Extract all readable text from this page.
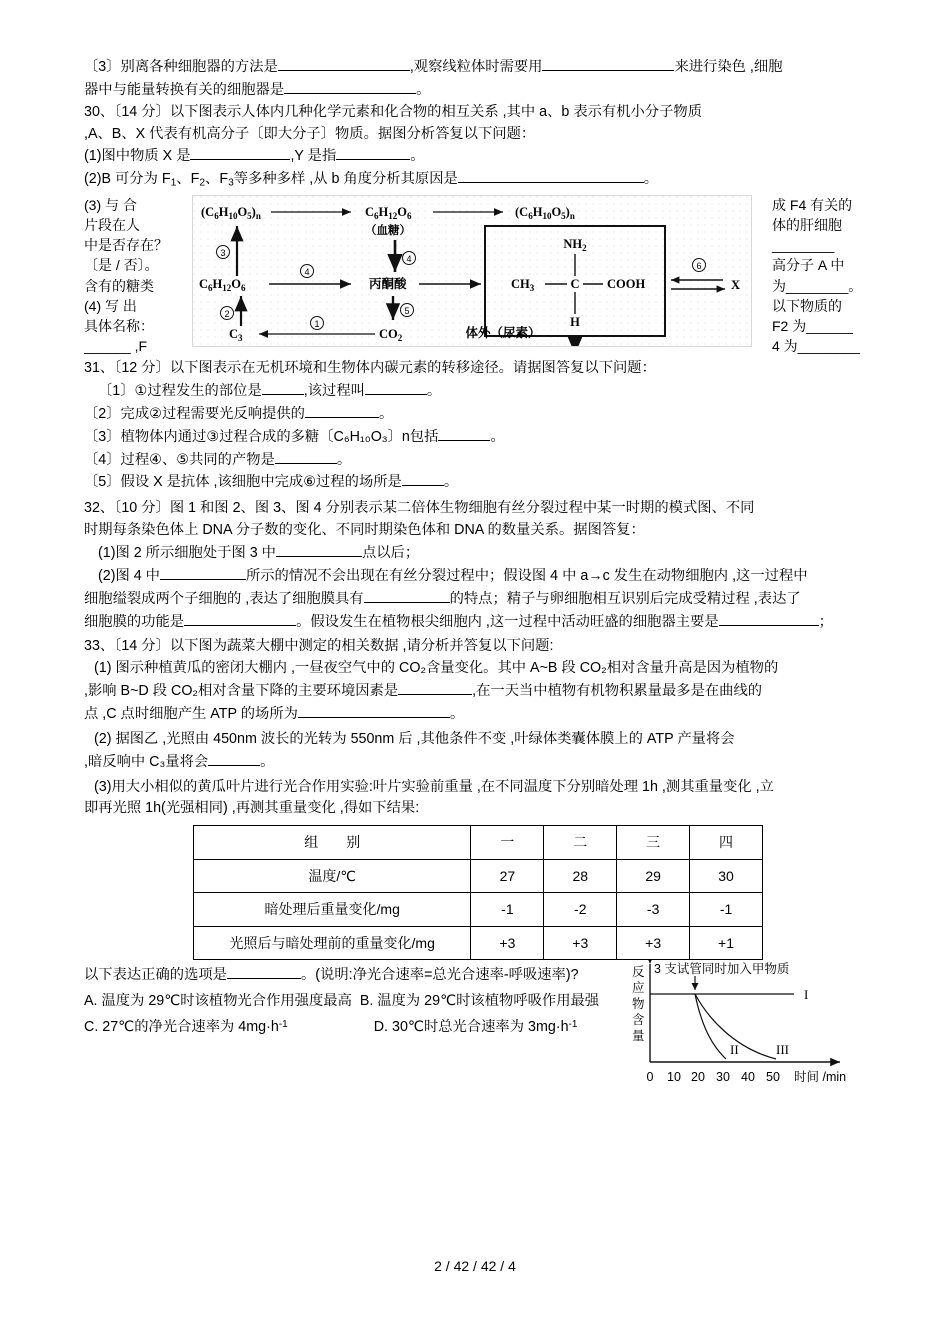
〔3〕别离各种细胞器的方法是	,观察线粒体时需要用	来进行染色 ,细胞

器中与能量转换有关的细胞器是	。

30、〔14 分〕以下图表示人体内几种化学元素和化合物的相互关系 ,其中 a、b 表示有机小分子物质

,A、B、X 代表有机高分子〔即大分子〕物质。据图分析答复以下问题：

(1)图中物质 X 是	,Y 是指	。

(2)B 可分为 $F_1$、$F_2$、$F_3$等多种多样 ,从 b 角度分析其原因是	。

(3) 与 合
片段在人
中是否存在？
〔是 / 否〕。
含有的糖类
(4) 写 出
具体名称：
______ ,F
成 F4 有关的
体的肝细胞
________
高分子 A 中
为________。
以下物质的
F2 为______
4 为________
$(C_6H_{10}O_5)_n$	$C_6H_{12}O_6$
（血糖）
$(C_6H_{10}O_5)_n$
3
$C_6H_{12}O_6$
4
丙酮酸
4
5
$CO_2$
1
$C_3$
2
$NH_2$
$CH_3$	C COOH
H
6
X
体外（尿素）

31、〔12 分〕以下图表示在无机环境和生物体内碳元素的转移途径。请据图答复以下问题：

〔1〕①过程发生的部位是	,该过程叫	。

〔2〕完成②过程需要光反响提供的	。

〔3〕植物体内通过③过程合成的多糖〔C₆H₁₀O₃〕n包括	。

〔4〕过程④、⑤共同的产物是	。

〔5〕假设 X 是抗体 ,该细胞中完成⑥过程的场所是	。

32、〔10 分〕图 1 和图 2、图 3、图 4 分别表示某二倍体生物细胞有丝分裂过程中某一时期的模式图、不同

时期每条染色体上 DNA 分子数的变化、不同时期染色体和 DNA 的数量关系。据图答复：

(1)图 2 所示细胞处于图 3 中	点以后；

(2)图 4 中	所示的情况不会出现在有丝分裂过程中；假设图 4 中 a→c 发生在动物细胞内 ,这一过程中

细胞缢裂成两个子细胞的 ,表达了细胞膜具有	的特点；精子与卵细胞相互识别后完成受精过程 ,表达了

细胞膜的功能是	。假设发生在植物根尖细胞内 ,这一过程中活动旺盛的细胞器主要是	；

33、〔14 分〕以下图为蔬菜大棚中测定的相关数据 ,请分析并答复以下问题:

(1) 图示种植黄瓜的密闭大棚内 ,一昼夜空气中的 CO₂含量变化。其中 A~B 段 CO₂相对含量升高是因为植物的

,影响 B~D 段 CO₂相对含量下降的主要环境因素是	,在一天当中植物有机物积累量最多是在曲线的

点 ,C 点时细胞产生 ATP 的场所为	。

(2) 据图乙 ,光照由 450nm 波长的光转为 550nm 后 ,其他条件不变 ,叶绿体类囊体膜上的 ATP 产量将会

,暗反响中 C₃量将会	。

(3)用大小相似的黄瓜叶片进行光合作用实验:叶片实验前重量 ,在不同温度下分别暗处理 1h ,测其重量变化 ,立

即再光照 1h(光强相同) ,再测其重量变化 ,得如下结果:

组　　别	一	二	三	四
温度/℃	27	28	29	30
暗处理后重量变化/mg	-1	-2	-3	-1
光照后与暗处理前的重量变化/mg	+3	+3	+3	+1

以下表达正确的选项是	。(说明:净光合速率=总光合速率-呼吸速率)?

A. 温度为 29℃时该植物光合作用强度最高 B. 温度为 29℃时该植物呼吸作用最强

C. 27℃的净光合速率为 $4mg\cdot h^{-1}$	D. 30℃时总光合速率为 $3mg\cdot h^{-1}$

反
应
物
含
量
3 支试管同时加入甲物质
I
II	III
0 10 20 30 40 50 时间 /min
2 / 42 / 42 / 4
